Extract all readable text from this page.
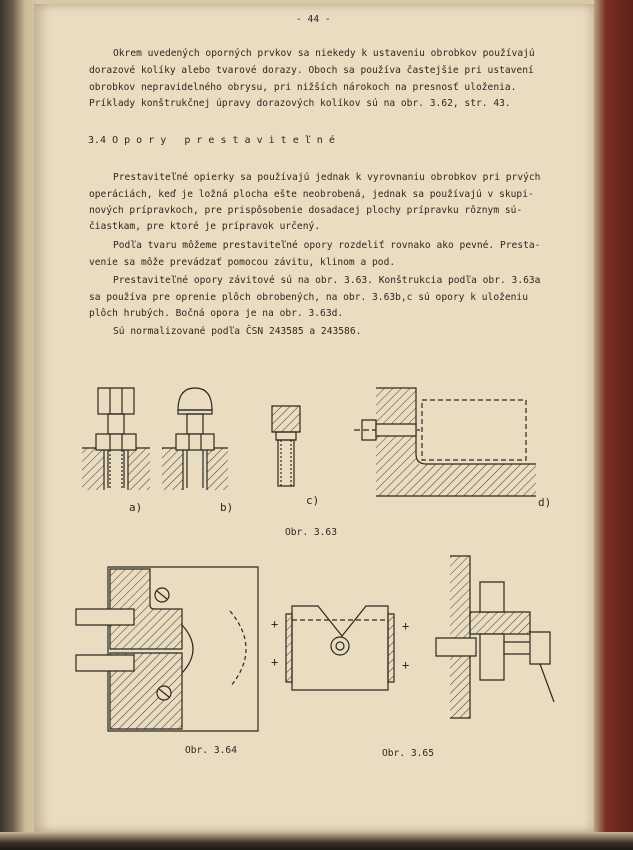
- 44 -
Okrem uvedených oporných prvkov sa niekedy k ustaveniu obrobkov používajú
dorazové kolíky alebo tvarové dorazy. Oboch sa používa častejšie pri ustavení
obrobkov nepravidelného obrysu, pri nižších nárokoch na presnosť uloženia.
Príklady konštrukčnej úpravy dorazových kolíkov sú na obr. 3.62, str. 43.
3.4 O p o r y   p r e s t a v i t e ľ n é
Prestaviteľné opierky sa používajú jednak k vyrovnaniu obrobkov pri prvých
operáciách, keď je ložná plocha ešte neobrobená, jednak sa používajú v skupi-
nových prípravkoch, pre prispôsobenie dosadacej plochy prípravku rôznym sú-
čiastkam, pre ktoré je prípravok určený.
Podľa tvaru môžeme prestaviteľné opory rozdeliť rovnako ako pevné. Presta-
venie sa môže prevádzať pomocou závitu, klinom a pod.
Prestaviteľné opory závitové sú na obr. 3.63. Konštrukcia podľa obr. 3.63a
sa používa pre oprenie plôch obrobených, na obr. 3.63b,c sú opory k uloženiu
plôch hrubých. Bočná opora je na obr. 3.63d.
Sú normalizované podľa ČSN 243585 a 243586.
a)	b)
c)	d)
Obr. 3.63
Obr. 3.64
+
+
+
+
Obr. 3.65
